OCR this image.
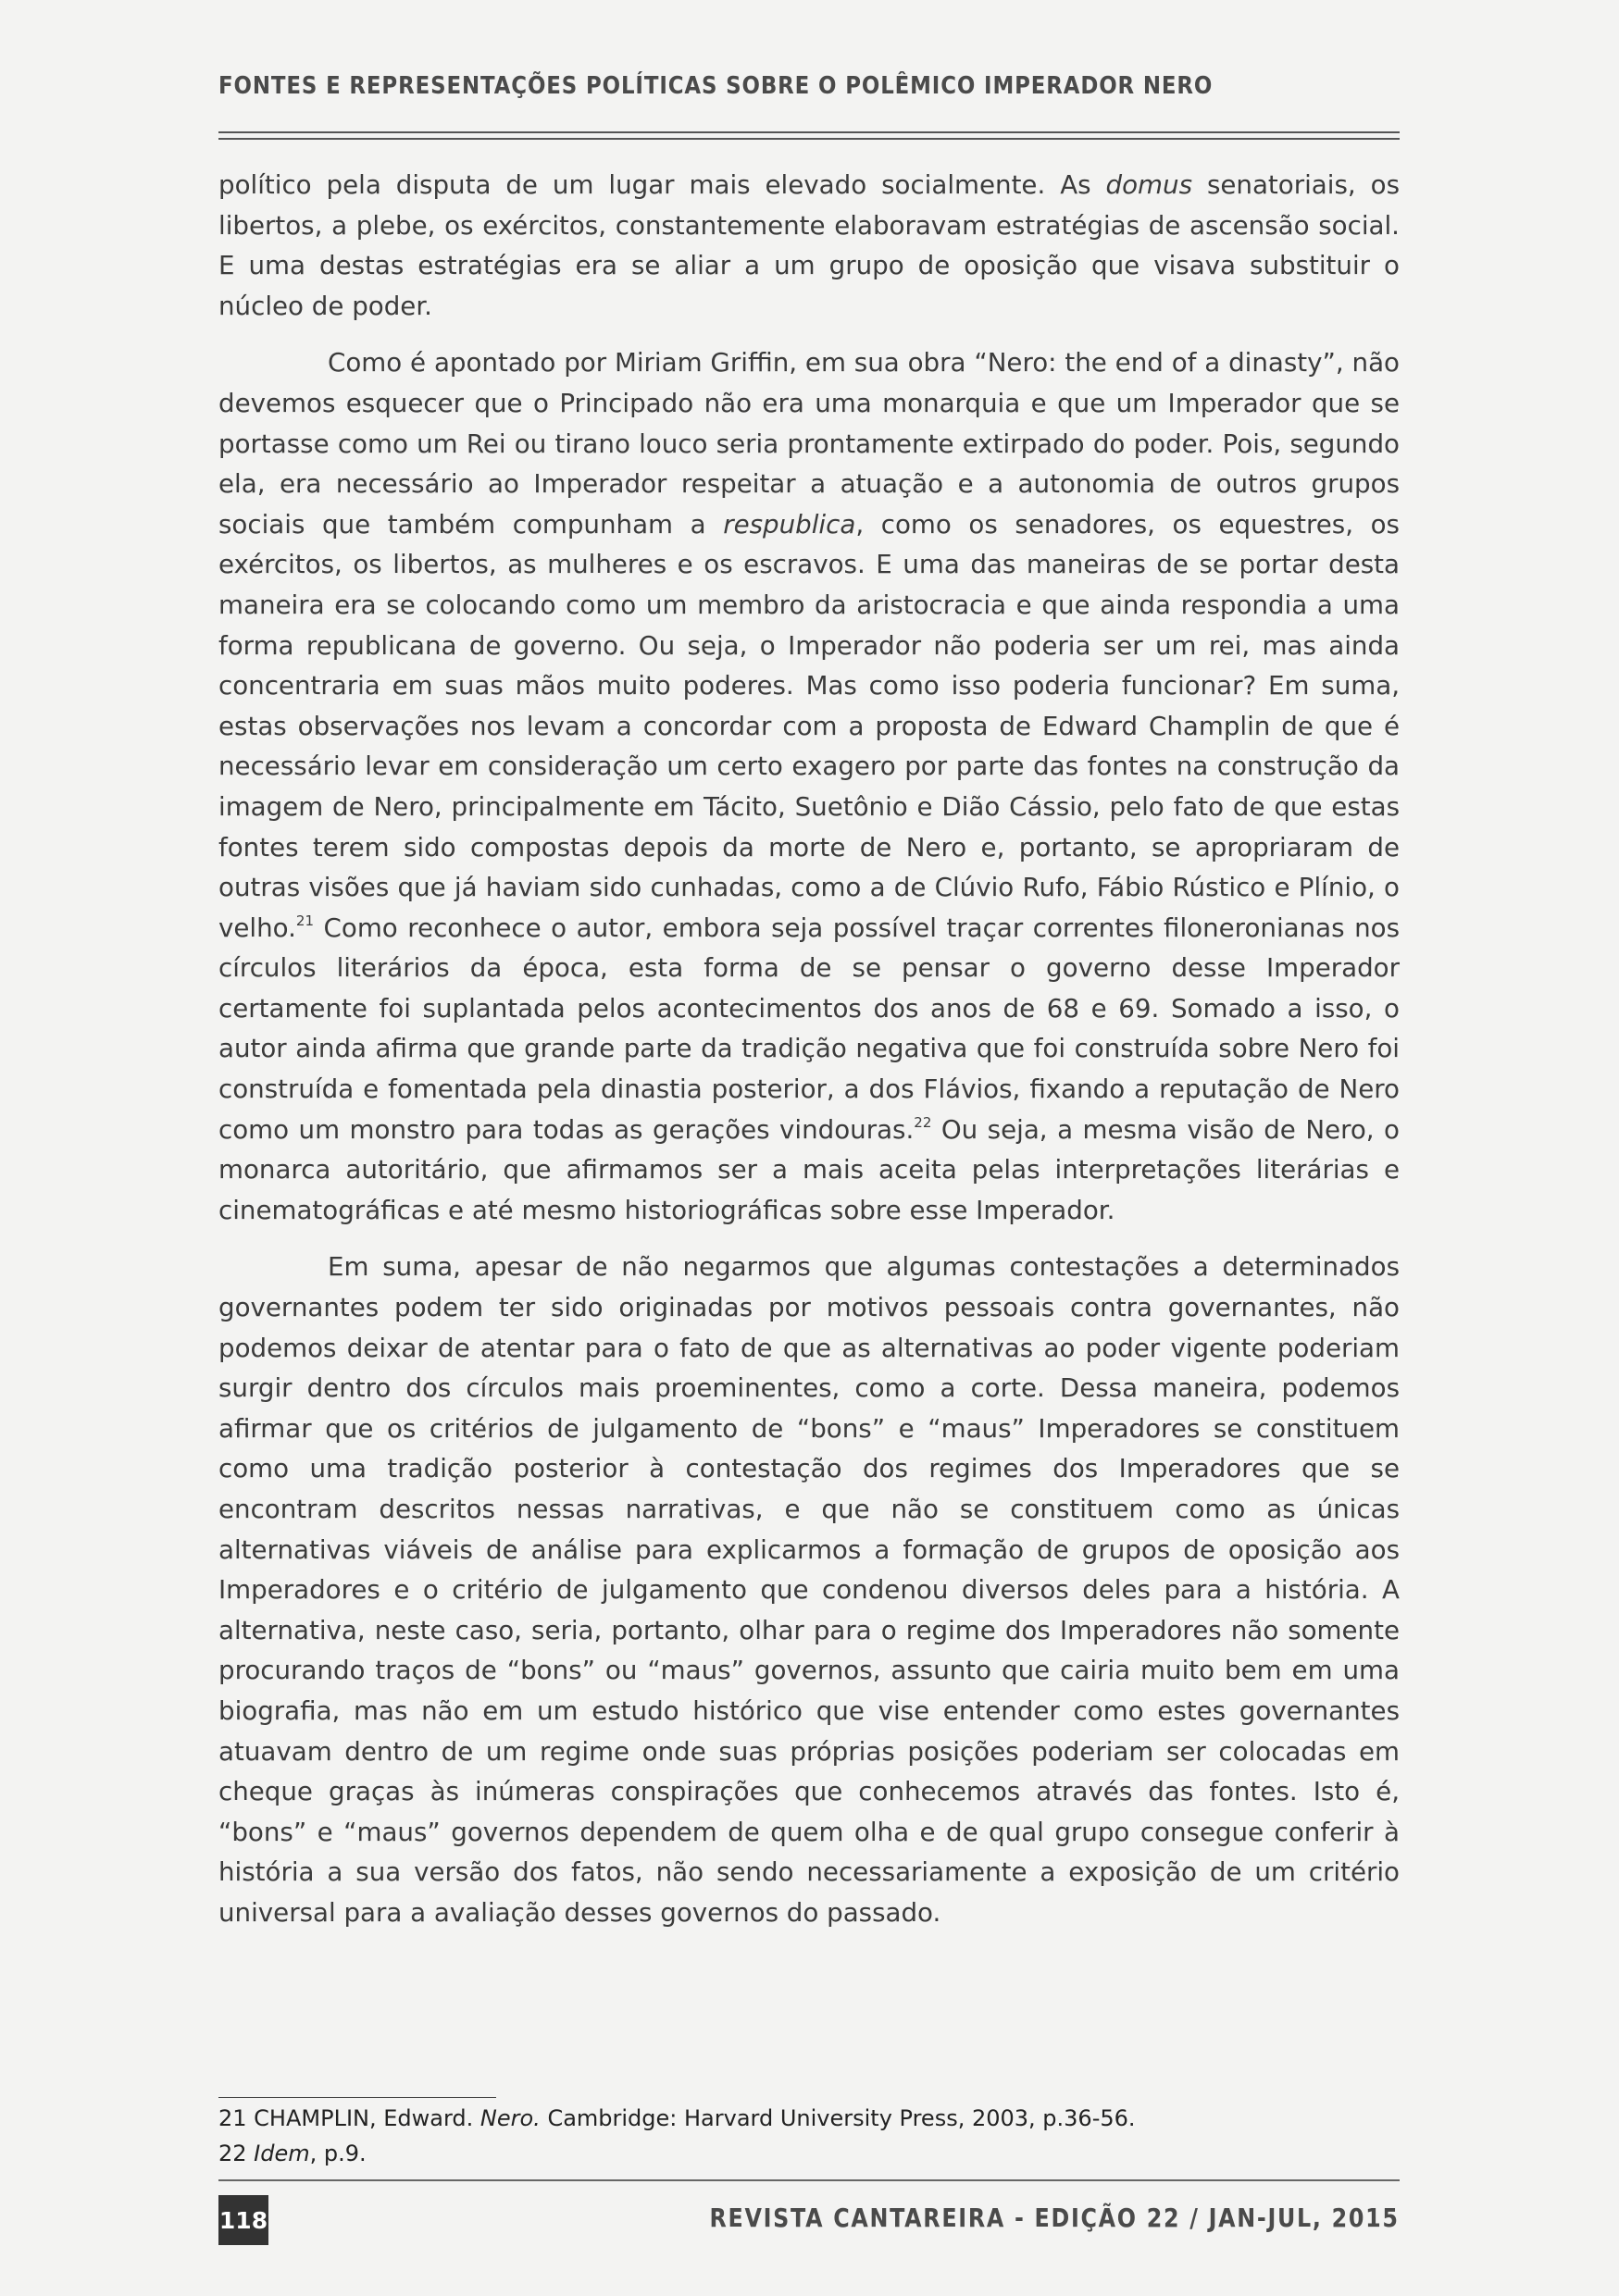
FONTES E REPRESENTAÇÕES POLÍTICAS SOBRE O POLÊMICO IMPERADOR NERO

político pela disputa de um lugar mais elevado socialmente. As domus senatoriais, os libertos, a plebe, os exércitos, constantemente elaboravam estratégias de ascensão social. E uma destas estratégias era se aliar a um grupo de oposição que visava substituir o núcleo de poder.

Como é apontado por Miriam Griffin, em sua obra “Nero: the end of a dinasty”, não devemos esquecer que o Principado não era uma monarquia e que um Imperador que se portasse como um Rei ou tirano louco seria prontamente extirpado do poder. Pois, segundo ela, era necessário ao Imperador respeitar a atuação e a autonomia de outros grupos sociais que também compunham a respublica, como os senadores, os equestres, os exércitos, os libertos, as mulheres e os escravos. E uma das maneiras de se portar desta maneira era se colocando como um membro da aristocracia e que ainda respondia a uma forma republicana de governo. Ou seja, o Imperador não poderia ser um rei, mas ainda concentraria em suas mãos muito poderes. Mas como isso poderia funcionar? Em suma, estas observações nos levam a concordar com a proposta de Edward Champlin de que é necessário levar em consideração um certo exagero por parte das fontes na construção da imagem de Nero, principalmente em Tácito, Suetônio e Dião Cássio, pelo fato de que estas fontes terem sido compostas depois da morte de Nero e, portanto, se apropriaram de outras visões que já haviam sido cunhadas, como a de Clúvio Rufo, Fábio Rústico e Plínio, o velho.$^{21}$ Como reconhece o autor, embora seja possível traçar correntes filoneronianas nos círculos literários da época, esta forma de se pensar o governo desse Imperador certamente foi suplantada pelos acontecimentos dos anos de 68 e 69. Somado a isso, o autor ainda afirma que grande parte da tradição negativa que foi construída sobre Nero foi construída e fomentada pela dinastia posterior, a dos Flávios, fixando a reputação de Nero como um monstro para todas as gerações vindouras.$^{22}$ Ou seja, a mesma visão de Nero, o monarca autoritário, que afirmamos ser a mais aceita pelas interpretações literárias e cinematográficas e até mesmo historiográficas sobre esse Imperador.

Em suma, apesar de não negarmos que algumas contestações a determinados governantes podem ter sido originadas por motivos pessoais contra governantes, não podemos deixar de atentar para o fato de que as alternativas ao poder vigente poderiam surgir dentro dos círculos mais proeminentes, como a corte. Dessa maneira, podemos afirmar que os critérios de julgamento de “bons” e “maus” Imperadores se constituem como uma tradição posterior à contestação dos regimes dos Imperadores que se encontram descritos nessas narrativas, e que não se constituem como as únicas alternativas viáveis de análise para explicarmos a formação de grupos de oposição aos Imperadores e o critério de julgamento que condenou diversos deles para a história. A alternativa, neste caso, seria, portanto, olhar para o regime dos Imperadores não somente procurando traços de “bons” ou “maus” governos, assunto que cairia muito bem em uma biografia, mas não em um estudo histórico que vise entender como estes governantes atuavam dentro de um regime onde suas próprias posições poderiam ser colocadas em cheque graças às inúmeras conspirações que conhecemos através das fontes. Isto é, “bons” e “maus” governos dependem de quem olha e de qual grupo consegue conferir à história a sua versão dos fatos, não sendo necessariamente a exposição de um critério universal para a avaliação desses governos do passado.

21 CHAMPLIN, Edward. Nero. Cambridge: Harvard University Press, 2003, p.36-56.
22 Idem, p.9.
118	REVISTA CANTAREIRA - EDIÇÃO 22 / JAN-JUL, 2015
